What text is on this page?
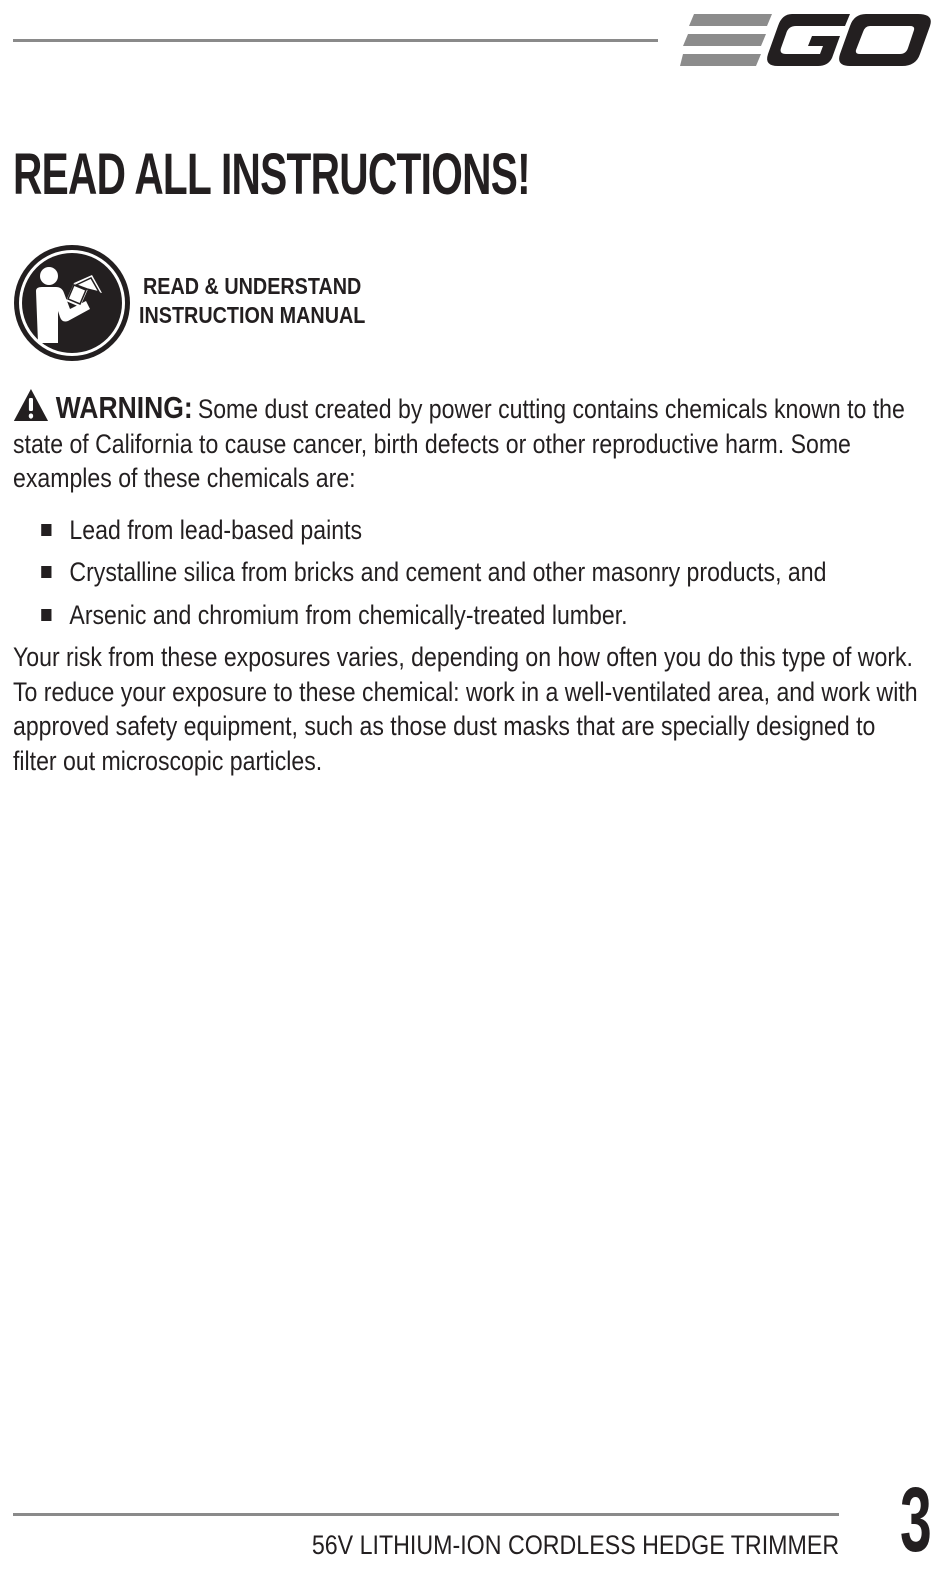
READ ALL INSTRUCTIONS!
READ & UNDERSTAND
INSTRUCTION MANUAL

WARNING: Some dust created by power cutting contains chemicals known to the state of California to cause cancer, birth defects or other reproductive harm. Some examples of these chemicals are:

Lead from lead-based paints
Crystalline silica from bricks and cement and other masonry products, and
Arsenic and chromium from chemically-treated lumber.

Your risk from these exposures varies, depending on how often you do this type of work. To reduce your exposure to these chemical: work in a well-ventilated area, and work with approved safety equipment, such as those dust masks that are specially designed to filter out microscopic particles.

56V LITHIUM-ION CORDLESS HEDGE TRIMMER 3
